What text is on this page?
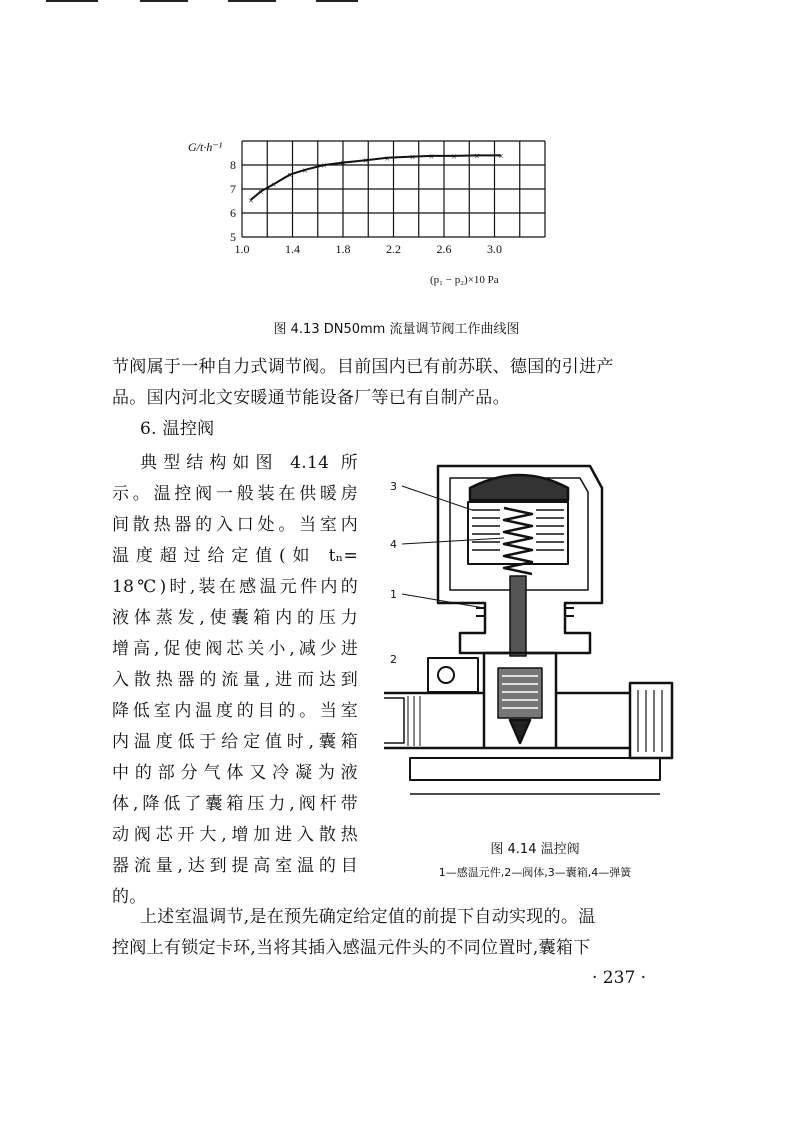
1.0	1.4	1.8	2.2	2.6	3.0
5
6
7
8
×
×
×
× × × × × × × × × × ×
G/t·h⁻¹
(p₁ − p₂)×10 Pa
图 4.13 DN50mm 流量调节阀工作曲线图
节阀属于一种自力式调节阀。目前国内已有前苏联、德国的引进产
品。国内河北文安暖通节能设备厂等已有自制产品。
6. 温控阀
典型结构如图 4.14 所
示。温控阀一般装在供暖房
间散热器的入口处。当室内
温度超过给定值(如 tₙ=
18℃)时,装在感温元件内的
液体蒸发,使囊箱内的压力
增高,促使阀芯关小,减少进
入散热器的流量,进而达到
降低室内温度的目的。当室
内温度低于给定值时,囊箱
中的部分气体又冷凝为液
体,降低了囊箱压力,阀杆带
动阀芯开大,增加进入散热
器流量,达到提高室温的目
的。
3
4
1
2
图 4.14 温控阀
1—感温元件,2—阀体,3—囊箱,4—弹簧
上述室温调节,是在预先确定给定值的前提下自动实现的。温
控阀上有锁定卡环,当将其插入感温元件头的不同位置时,囊箱下
· 237 ·
